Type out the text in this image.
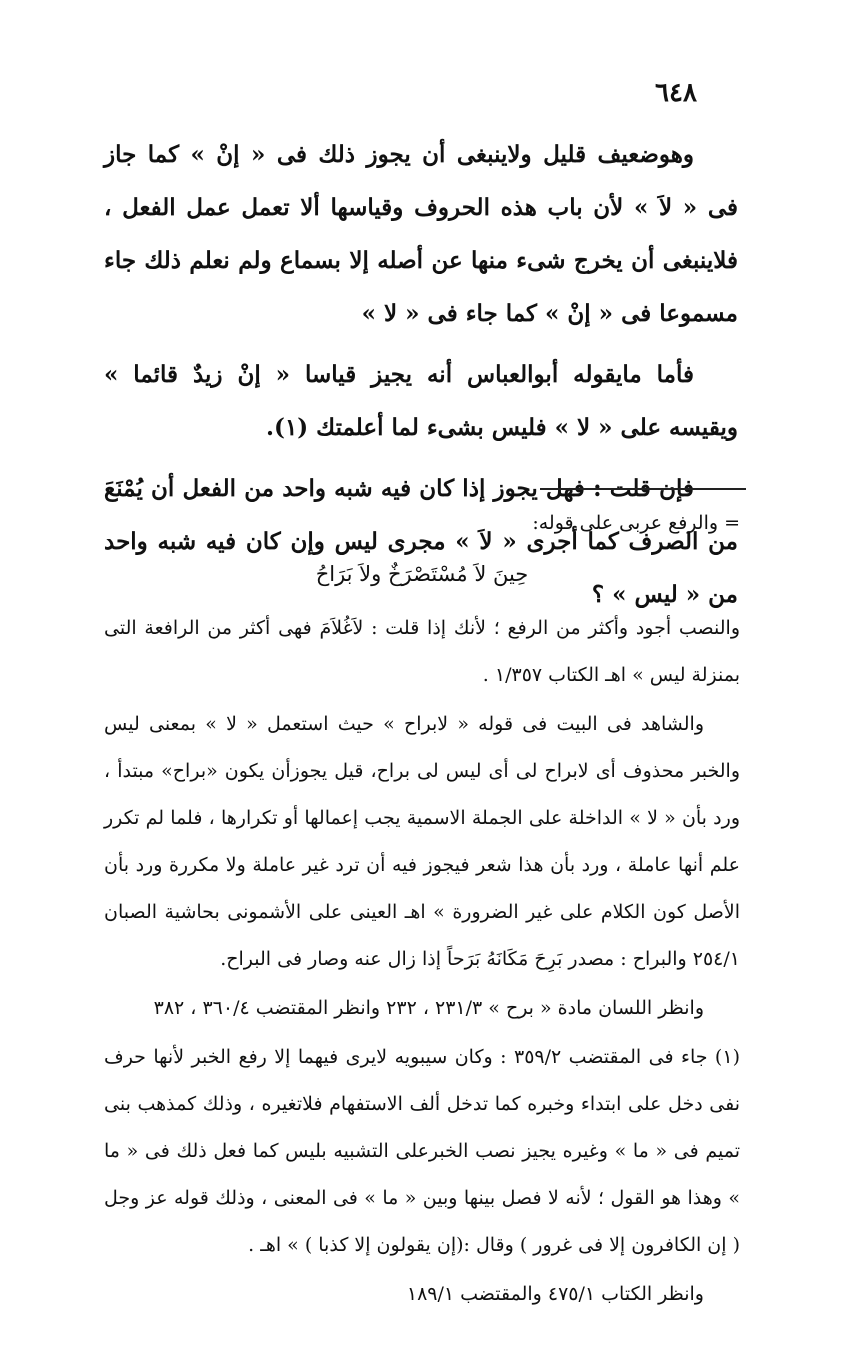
٦٤٨

وهوضعيف قليل ولاينبغى أن يجوز ذلك فى « إنْ » كما جاز فى « لاَ » لأن باب هذه الحروف وقياسها ألا تعمل عمل الفعل ، فلاينبغى أن يخرج شىء منها عن أصله إلا بسماع ولم نعلم ذلك جاء مسموعا فى « إنْ » كما جاء فى « لا »

فأما مايقوله أبوالعباس أنه يجيز قياسا « إنْ زيدٌ قائما » ويقيسه على « لا » فليس بشىء لما أعلمتك (١).

فإن قلت : فهل يجوز إذا كان فيه شبه واحد من الفعل أن يُمْنَعَ من الصرف كما أجرى « لاَ » مجرى ليس وإن كان فيه شبه واحد من « ليس » ؟

= والرفع عربى على قوله:

حِينَ لاَ مُسْتَصْرَخٌ ولاَ بَرَاحُ

والنصب أجود وأكثر من الرفع ؛ لأنك إذا قلت : لاَغُلاَمَ فهى أكثر من الرافعة التى بمنزلة ليس » اهـ الكتاب ١/٣٥٧ .

والشاهد فى البيت فى قوله « لابراح » حيث استعمل « لا » بمعنى ليس والخبر محذوف أى لابراح لى أى ليس لى براح، قيل يجوزأن يكون «براح» مبتدأ ، ورد بأن « لا » الداخلة على الجملة الاسمية يجب إعمالها أو تكرارها ، فلما لم تكرر علم أنها عاملة ، ورد بأن هذا شعر فيجوز فيه أن ترد غير عاملة ولا مكررة ورد بأن الأصل كون الكلام على غير الضرورة » اهـ العينى على الأشمونى بحاشية الصبان ٢٥٤/١ والبراح : مصدر بَرِحَ مَكَانَهُ بَرَحاً إذا زال عنه وصار فى البراح.

وانظر اللسان مادة « برح » ٢٣١/٣ ، ٢٣٢ وانظر المقتضب ٣٦٠/٤ ، ٣٨٢

(١) جاء فى المقتضب ٣٥٩/٢ : وكان سيبويه لايرى فيهما إلا رفع الخبر لأنها حرف نفى دخل على ابتداء وخبره كما تدخل ألف الاستفهام فلاتغيره ، وذلك كمذهب بنى تميم فى « ما » وغيره يجيز نصب الخبرعلى التشبيه بليس كما فعل ذلك فى « ما » وهذا هو القول ؛ لأنه لا فصل بينها وبين « ما » فى المعنى ، وذلك قوله عز وجل ( إن الكافرون إلا فى غرور ) وقال :(إن يقولون إلا كذبا ) » اهـ .

وانظر الكتاب ٤٧٥/١ والمقتضب ١٨٩/١
